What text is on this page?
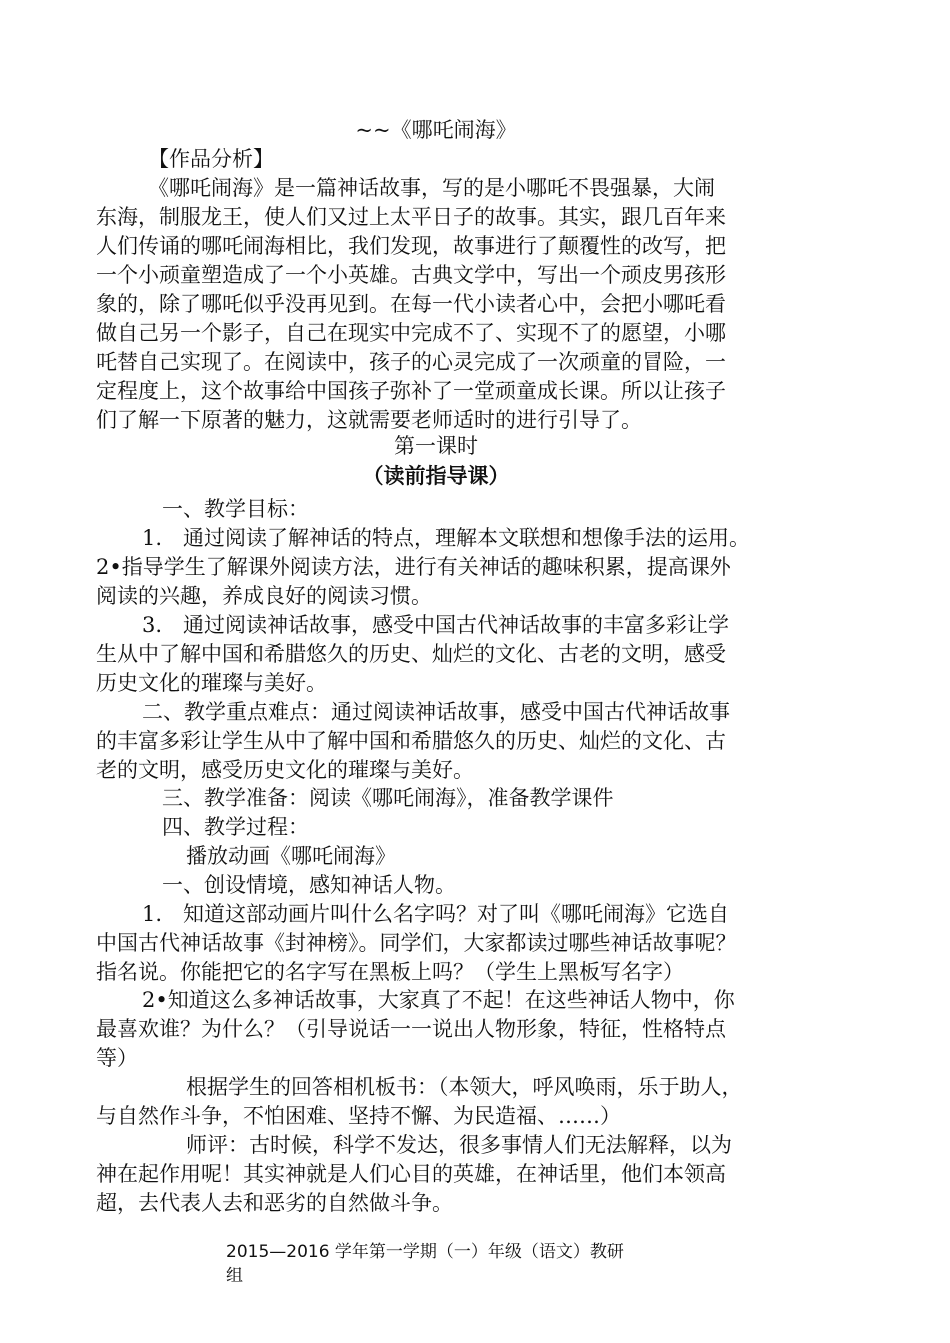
~~《哪吒闹海》
【作品分析】
《哪吒闹海》是一篇神话故事，写的是小哪吒不畏强暴，大闹
东海，制服龙王，使人们又过上太平日子的故事。其实，跟几百年来
人们传诵的哪吒闹海相比，我们发现，故事进行了颠覆性的改写，把
一个小顽童塑造成了一个小英雄。古典文学中，写出一个顽皮男孩形
象的，除了哪吒似乎没再见到。在每一代小读者心中，会把小哪吒看
做自己另一个影子，自己在现实中完成不了、实现不了的愿望，小哪
吒替自己实现了。在阅读中，孩子的心灵完成了一次顽童的冒险，一
定程度上，这个故事给中国孩子弥补了一堂顽童成长课。所以让孩子
们了解一下原著的魅力，这就需要老师适时的进行引导了。
第一课时
（读前指导课）
一、教学目标：
1.　通过阅读了解神话的特点，理解本文联想和想像手法的运用。
2•指导学生了解课外阅读方法，进行有关神话的趣味积累，提高课外
阅读的兴趣，养成良好的阅读习惯。
3.　通过阅读神话故事，感受中国古代神话故事的丰富多彩让学
生从中了解中国和希腊悠久的历史、灿烂的文化、古老的文明，感受
历史文化的璀璨与美好。
二、教学重点难点：通过阅读神话故事，感受中国古代神话故事
的丰富多彩让学生从中了解中国和希腊悠久的历史、灿烂的文化、古
老的文明，感受历史文化的璀璨与美好。
三、教学准备：阅读《哪吒闹海》，准备教学课件
四、教学过程：
播放动画《哪吒闹海》
一、创设情境，感知神话人物。
1.　知道这部动画片叫什么名字吗？对了叫《哪吒闹海》它选自
中国古代神话故事《封神榜》。同学们，大家都读过哪些神话故事呢？
指名说。你能把它的名字写在黑板上吗？（学生上黑板写名字）
2•知道这么多神话故事，大家真了不起！在这些神话人物中，你
最喜欢谁？为什么？（引导说话一一说出人物形象，特征，性格特点
等）
根据学生的回答相机板书：（本领大，呼风唤雨，乐于助人，
与自然作斗争，不怕困难、坚持不懈、为民造福、……）
师评：古时候，科学不发达，很多事情人们无法解释，以为
神在起作用呢！其实神就是人们心目的英雄，在神话里，他们本领高
超，去代表人去和恶劣的自然做斗争。
2015—2016 学年第一学期（一）年级（语文）教研
组
